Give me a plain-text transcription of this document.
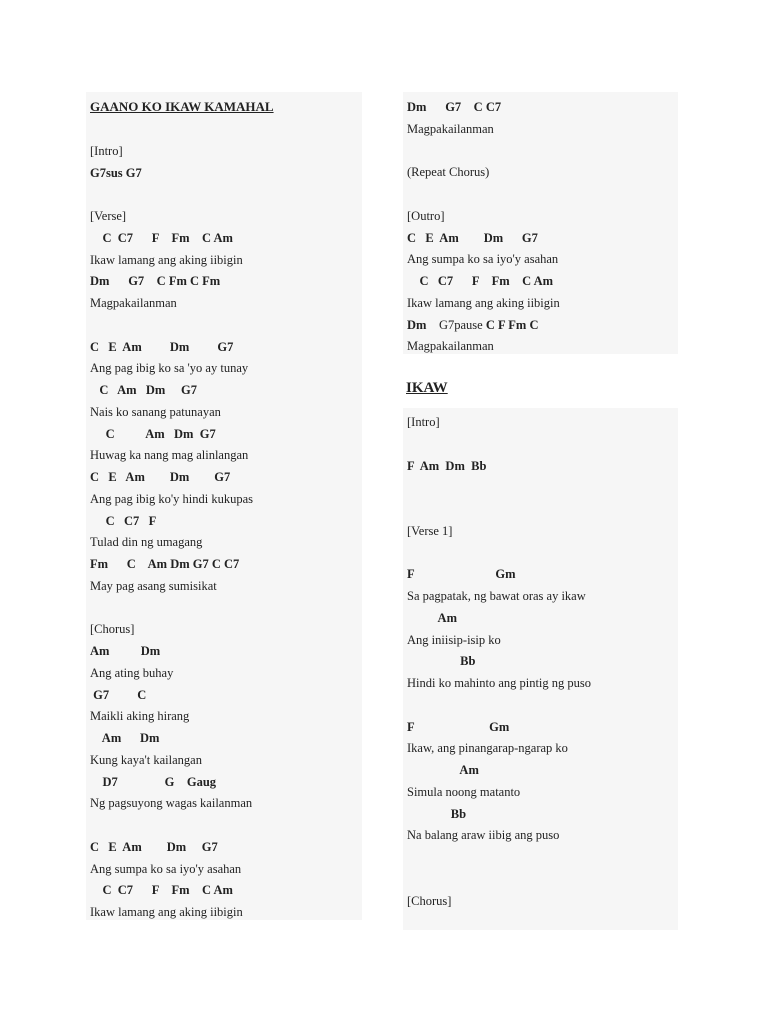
GAANO KO IKAW KAMAHAL
[Intro]
G7sus G7
[Verse]
C  C7      F    Fm    C Am
Ikaw lamang ang aking iibigin
Dm      G7    C Fm C Fm
Magpakailanman
C   E  Am         Dm         G7
Ang pag ibig ko sa 'yo ay tunay
C   Am   Dm     G7
Nais ko sanang patunayan
C          Am   Dm  G7
Huwag ka nang mag alinlangan
C   E   Am        Dm        G7
Ang pag ibig ko'y hindi kukupas
C   C7   F
Tulad din ng umagang
Fm      C    Am Dm G7 C C7
May pag asang sumisikat
[Chorus]
Am          Dm
Ang ating buhay
G7         C
Maikli aking hirang
Am      Dm
Kung kaya't kailangan
D7               G    Gaug
Ng pagsuyong wagas kailanman
C   E  Am        Dm     G7
Ang sumpa ko sa iyo'y asahan
C  C7      F    Fm    C Am
Ikaw lamang ang aking iibigin
Dm      G7    C C7
Magpakailanman
(Repeat Chorus)
[Outro]
C   E  Am        Dm      G7
Ang sumpa ko sa iyo'y asahan
C   C7      F    Fm    C Am
Ikaw lamang ang aking iibigin
Dm G7pause C F Fm C
Magpakailanman
IKAW
[Intro]
F  Am  Dm  Bb
[Verse 1]
F                          Gm
Sa pagpatak, ng bawat oras ay ikaw
Am
Ang iniisip-isip ko
Bb
Hindi ko mahinto ang pintig ng puso
F                        Gm
Ikaw, ang pinangarap-ngarap ko
Am
Simula noong matanto
Bb
Na balang araw iibig ang puso
[Chorus]
